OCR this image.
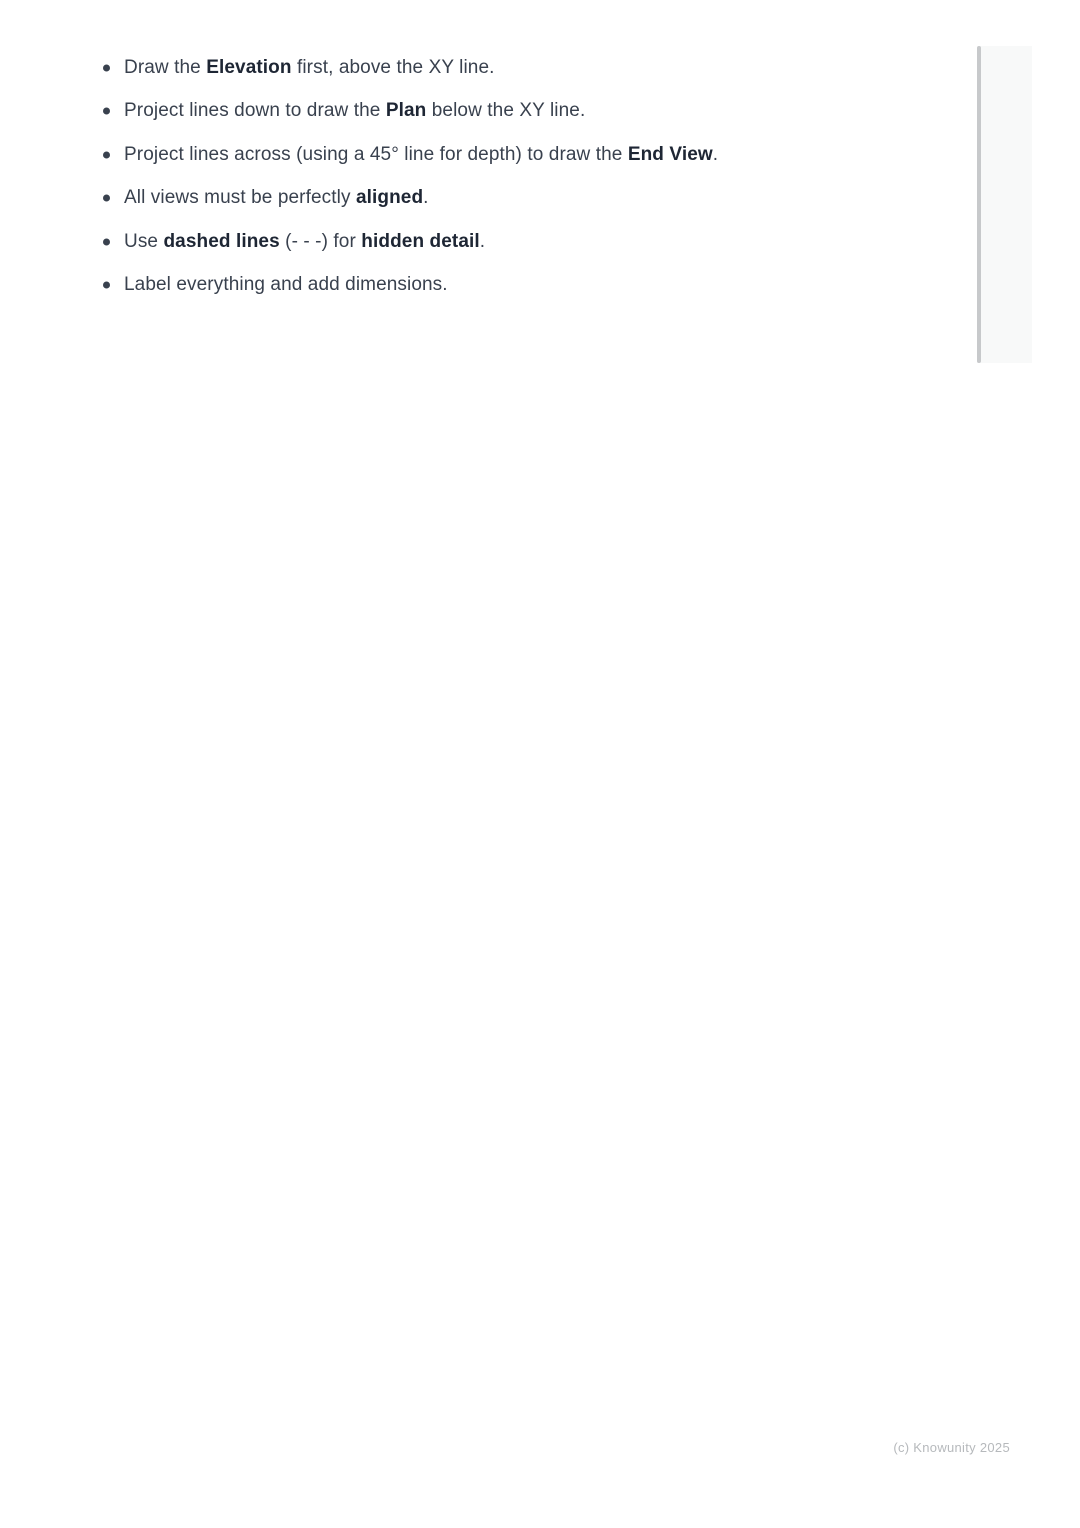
Draw the Elevation first, above the XY line.
Project lines down to draw the Plan below the XY line.
Project lines across (using a 45° line for depth) to draw the End View.
All views must be perfectly aligned.
Use dashed lines (- - -) for hidden detail.
Label everything and add dimensions.
(c) Knowunity 2025
